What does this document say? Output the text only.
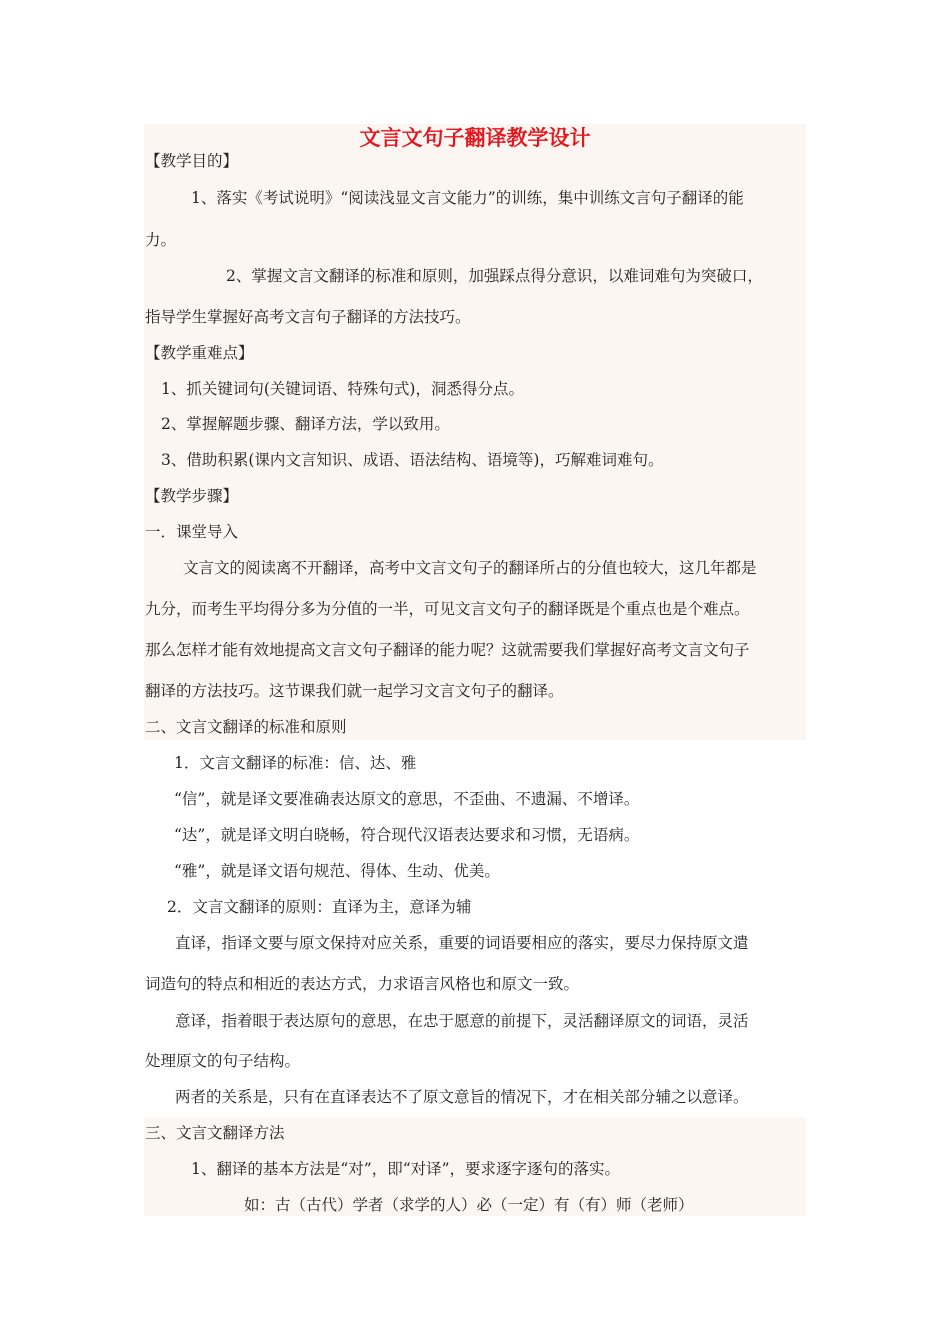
文言文句子翻译教学设计
【教学目的】
1、落实《考试说明》“阅读浅显文言文能力”的训练，集中训练文言句子翻译的能
力。
2、掌握文言文翻译的标准和原则，加强踩点得分意识，以难词难句为突破口，
指导学生掌握好高考文言句子翻译的方法技巧。
【教学重难点】
1、抓关键词句(关键词语、特殊句式)，洞悉得分点。
2、掌握解题步骤、翻译方法，学以致用。
3、借助积累(课内文言知识、成语、语法结构、语境等)，巧解难词难句。
【教学步骤】
一．课堂导入
文言文的阅读离不开翻译，高考中文言文句子的翻译所占的分值也较大，这几年都是
九分，而考生平均得分多为分值的一半，可见文言文句子的翻译既是个重点也是个难点。
那么怎样才能有效地提高文言文句子翻译的能力呢？这就需要我们掌握好高考文言文句子
翻译的方法技巧。这节课我们就一起学习文言文句子的翻译。
二、文言文翻译的标准和原则
1．文言文翻译的标准：信、达、雅
“信”，就是译文要准确表达原文的意思，不歪曲、不遗漏、不增译。
“达”，就是译文明白晓畅，符合现代汉语表达要求和习惯，无语病。
“雅”，就是译文语句规范、得体、生动、优美。
2．文言文翻译的原则：直译为主，意译为辅
直译，指译文要与原文保持对应关系，重要的词语要相应的落实，要尽力保持原文遣
词造句的特点和相近的表达方式，力求语言风格也和原文一致。
意译，指着眼于表达原句的意思，在忠于愿意的前提下，灵活翻译原文的词语，灵活
处理原文的句子结构。
两者的关系是，只有在直译表达不了原文意旨的情况下，才在相关部分辅之以意译。
三、文言文翻译方法
1、翻译的基本方法是“对”，即“对译”，要求逐字逐句的落实。
如：古（古代）学者（求学的人）必（一定）有（有）师（老师）
